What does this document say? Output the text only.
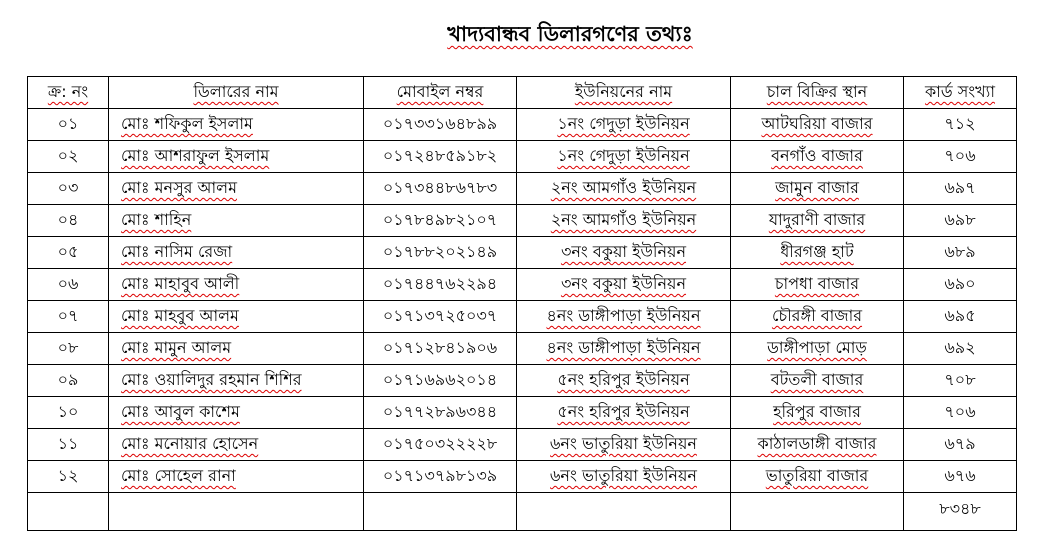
খাদ্যবান্ধব ডিলারগণের তথ্যঃ
ক্র: নং	ডিলারের নাম	মোবাইল নম্বর	ইউনিয়নের নাম	চাল বিক্রির স্থান	কার্ড সংখ্যা
০১	মোঃ শফিকুল ইসলাম	০১৭৩৩১৬৪৮৯৯	১নং গেদুড়া ইউনিয়ন	আটঘরিয়া বাজার	৭১২
০২	মোঃ আশরাফুল ইসলাম	০১৭২৪৮৫৯১৮২	১নং গেদুড়া ইউনিয়ন	বনগাঁও বাজার	৭০৬
০৩	মোঃ মনসুর আলম	০১৭৩৪৪৮৬৭৮৩	২নং আমগাঁও ইউনিয়ন	জামুন বাজার	৬৯৭
০৪	মোঃ শাহিন	০১৭৮৪৯৮২১০৭	২নং আমগাঁও ইউনিয়ন	যাদুরাণী বাজার	৬৯৮
০৫	মোঃ নাসিম রেজা	০১৭৮৮২০২১৪৯	৩নং বকুয়া ইউনিয়ন	ধীরগঞ্জ হাট	৬৮৯
০৬	মোঃ মাহাবুব আলী	০১৭৪৪৭৬২২৯৪	৩নং বকুয়া ইউনিয়ন	চাপধা বাজার	৬৯০
০৭	মোঃ মাহবুব আলম	০১৭১৩৭২৫০৩৭	৪নং ডাঙ্গীপাড়া ইউনিয়ন	চৌরঙ্গী বাজার	৬৯৫
০৮	মোঃ মামুন আলম	০১৭১২৮৪১৯০৬	৪নং ডাঙ্গীপাড়া ইউনিয়ন	ডাঙ্গীপাড়া মোড়	৬৯২
০৯	মোঃ ওয়ালিদুর রহমান শিশির	০১৭১৬৯৬২০১৪	৫নং হরিপুর ইউনিয়ন	বটতলী বাজার	৭০৮
১০	মোঃ আবুল কাশেম	০১৭৭২৮৯৬৩৪৪	৫নং হরিপুর ইউনিয়ন	হরিপুর বাজার	৭০৬
১১	মোঃ মনোয়ার হোসেন	০১৭৫০৩২২২২৮	৬নং ভাতুরিয়া ইউনিয়ন	কাঠালডাঙ্গী বাজার	৬৭৯
১২	মোঃ সোহেল রানা	০১৭১৩৭৯৮১৩৯	৬নং ভাতুরিয়া ইউনিয়ন	ভাতুরিয়া বাজার	৬৭৬
					৮৩৪৮
